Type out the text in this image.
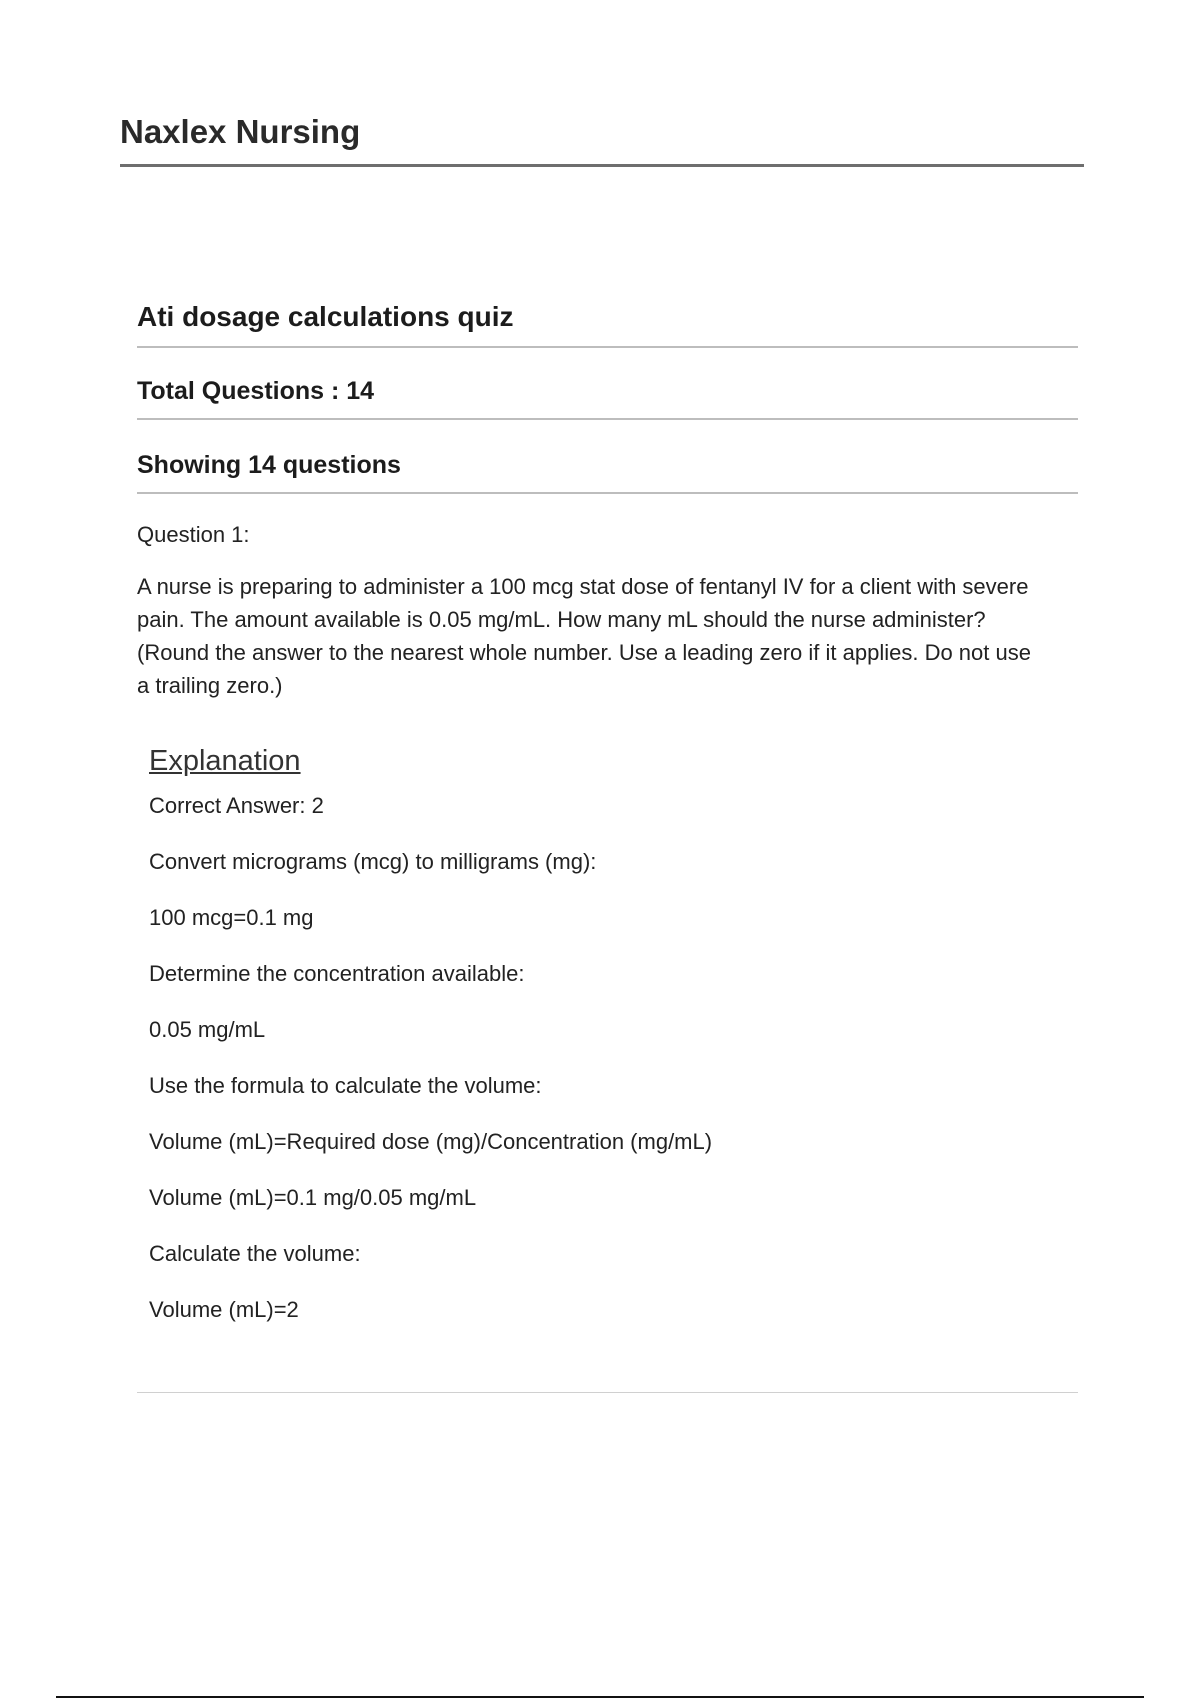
Naxlex Nursing
Ati dosage calculations quiz
Total Questions : 14
Showing 14 questions
Question 1:

A nurse is preparing to administer a 100 mcg stat dose of fentanyl IV for a client with severe pain. The amount available is 0.05 mg/mL. How many mL should the nurse administer? (Round the answer to the nearest whole number. Use a leading zero if it applies. Do not use a trailing zero.)

Explanation

Correct Answer: 2

Convert micrograms (mcg) to milligrams (mg):

100 mcg=0.1 mg

Determine the concentration available:

0.05 mg/mL

Use the formula to calculate the volume:

Volume (mL)=Required dose (mg)/Concentration (mg/mL)

Volume (mL)=0.1 mg/0.05 mg/mL

Calculate the volume:

Volume (mL)=2
